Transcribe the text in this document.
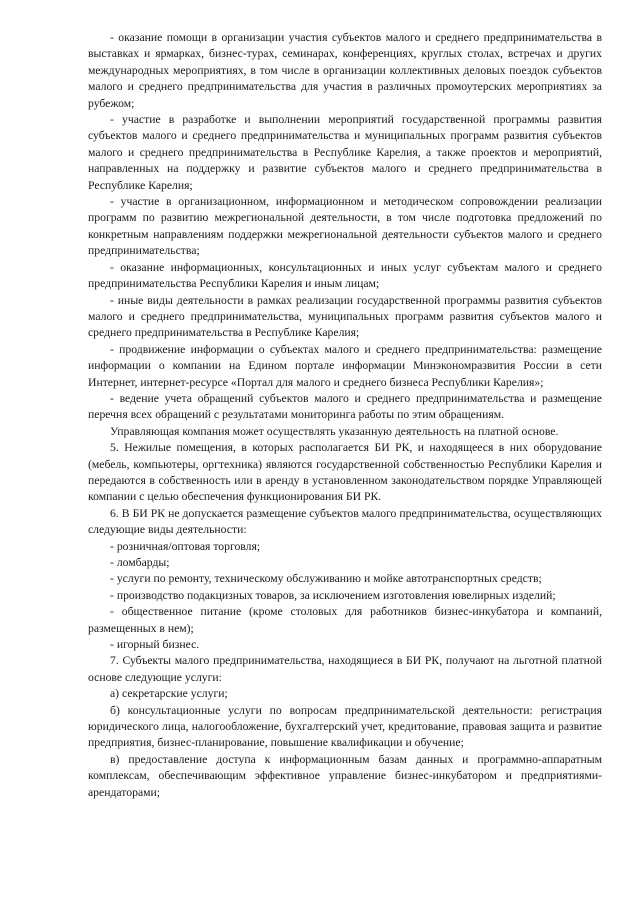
- оказание помощи в организации участия субъектов малого и среднего предпринимательства в выставках и ярмарках, бизнес-турах, семинарах, конференциях, круглых столах, встречах и других международных мероприятиях, в том числе в организации коллективных деловых поездок субъектов малого и среднего предпринимательства для участия в различных промоутерских мероприятиях за рубежом;

- участие в разработке и выполнении мероприятий государственной программы развития субъектов малого и среднего предпринимательства и муниципальных программ развития субъектов малого и среднего предпринимательства в Республике Карелия, а также проектов и мероприятий, направленных на поддержку и развитие субъектов малого и среднего предпринимательства в Республике Карелия;

- участие в организационном, информационном и методическом сопровождении реализации программ по развитию межрегиональной деятельности, в том числе подготовка предложений по конкретным направлениям поддержки межрегиональной деятельности субъектов малого и среднего предпринимательства;

- оказание информационных, консультационных и иных услуг субъектам малого и среднего предпринимательства Республики Карелия и иным лицам;

- иные виды деятельности в рамках реализации государственной программы развития субъектов малого и среднего предпринимательства, муниципальных программ развития субъектов малого и среднего предпринимательства в Республике Карелия;

- продвижение информации о субъектах малого и среднего предпринимательства: размещение информации о компании на Едином портале информации Минэкономразвития России в сети Интернет, интернет-ресурсе «Портал для малого и среднего бизнеса Республики Карелия»;

- ведение учета обращений субъектов малого и среднего предпринимательства и размещение перечня всех обращений с результатами мониторинга работы по этим обращениям.

Управляющая компания может осуществлять указанную деятельность на платной основе.

5. Нежилые помещения, в которых располагается БИ РК, и находящееся в них оборудование (мебель, компьютеры, оргтехника) являются государственной собственностью Республики Карелия и передаются в собственность или в аренду в установленном законодательством порядке Управляющей компании с целью обеспечения функционирования БИ РК.

6. В БИ РК не допускается размещение субъектов малого предпринимательства, осуществляющих следующие виды деятельности:

- розничная/оптовая торговля;

- ломбарды;

- услуги по ремонту, техническому обслуживанию и мойке автотранспортных средств;

- производство подакцизных товаров, за исключением изготовления ювелирных изделий;

- общественное питание (кроме столовых для работников бизнес-инкубатора и компаний, размещенных в нем);

- игорный бизнес.

7. Субъекты малого предпринимательства, находящиеся в БИ РК, получают на льготной платной основе следующие услуги:

а) секретарские услуги;

б) консультационные услуги по вопросам предпринимательской деятельности: регистрация юридического лица, налогообложение, бухгалтерский учет, кредитование, правовая защита и развитие предприятия, бизнес-планирование, повышение квалификации и обучение;

в) предоставление доступа к информационным базам данных и программно-аппаратным комплексам, обеспечивающим эффективное управление бизнес-инкубатором и предприятиями-арендаторами;
